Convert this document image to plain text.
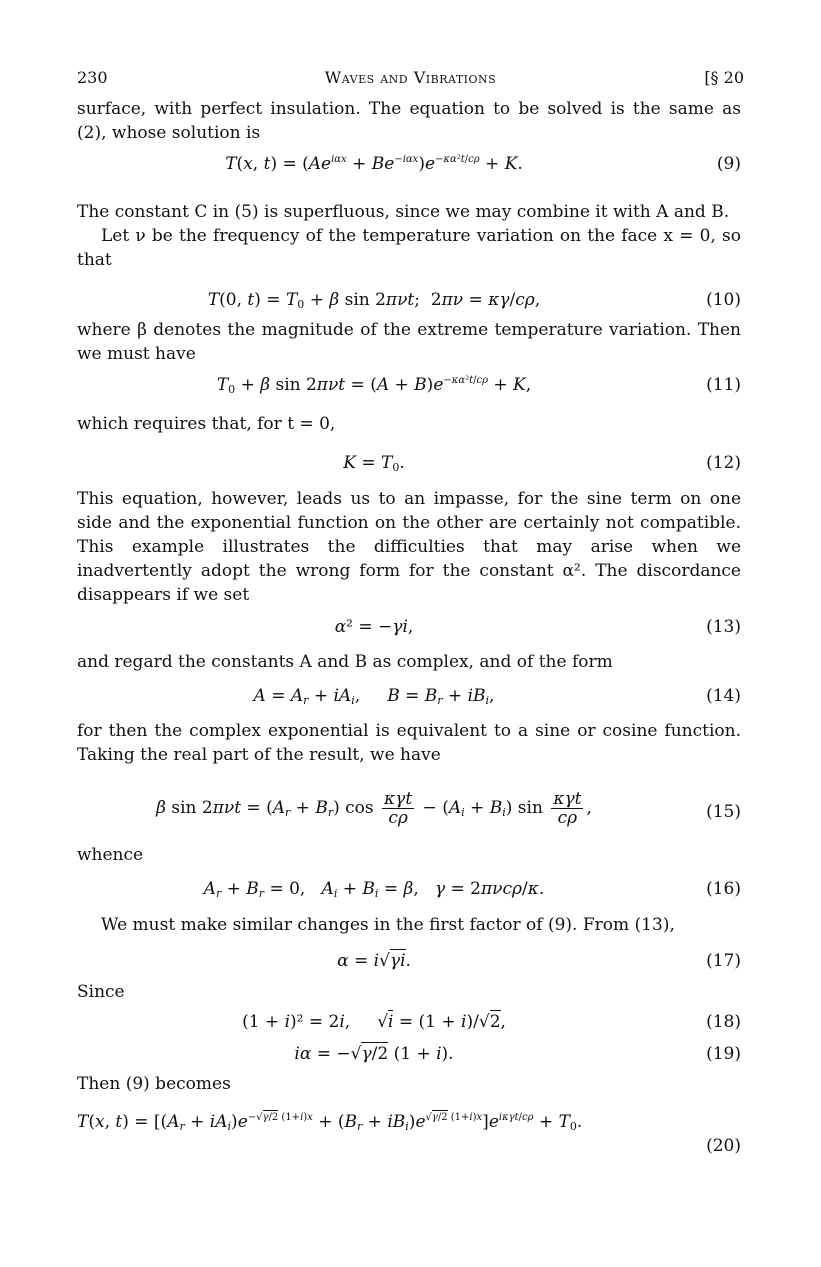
230	Waves and Vibrations	[§ 20
surface, with perfect insulation. The equation to be solved is the same as (2), whose solution is
T(x, $t) = (Ae^{i\alpha x} + Be^{-i\alpha x})e^{-\kappa\alpha^2t/c\rho} + K$.	(9)
The constant C in (5) is superfluous, since we may combine it with A and B.
Let ν be the frequency of the temperature variation on the face x = 0, so that
T(0, $t) = T_0 + \beta$ sin 2πνt;  2πν = κγ/cρ,	(10)
where β denotes the magnitude of the extreme temperature variation. Then we must have
$T_0 + \beta$ $\sin 2\pi\nu t = (A + B)e^{-\kappa\alpha^2t/c\rho} + K$,	(11)
which requires that, for t = 0,
$K = T_0$.	(12)
This equation, however, leads us to an impasse, for the sine term on one side and the exponential function on the other are certainly not compatible. This example illustrates the difficulties that may arise when we inadvertently adopt the wrong form for the constant α². The discordance disappears if we set
α² = −γi,	(13)
and regard the constants A and B as complex, and of the form
$A = A_r + iA_i$,     $B = B_r + iB_i$,	(14)
for then the complex exponential is equivalent to a sine or cosine function. Taking the real part of the result, we have
β $\sin 2\pi\nu t = (A_r + B_r)$ $\cos \frac{\text{κγt}}{c\rho} - (A_i + B_i)$ $\sin \frac{\text{κγt}}{c\rho}$ ,	(15)
whence
$A_r + B_r = 0$,   $A_i + B_i = \beta$,   γ = 2πνcρ/κ.	(16)
We must make similar changes in the first factor of (9). From (13),
α = i√γi.	(17)
Since
(1 + i)² = 2i,     √i = (1 + i)/√2,	(18)
iα = −√γ/2 (1 + i).	(19)
Then (9) becomes
T(x, $t) = [(A_r + iA_i)e^{-√\gamma/2 (1+i)x} + (B_r + iB_i)e^{√\gamma/2 (1+i)x}]e^{i\kappa\gamma t/c\rho} + T_0$.
(20)
